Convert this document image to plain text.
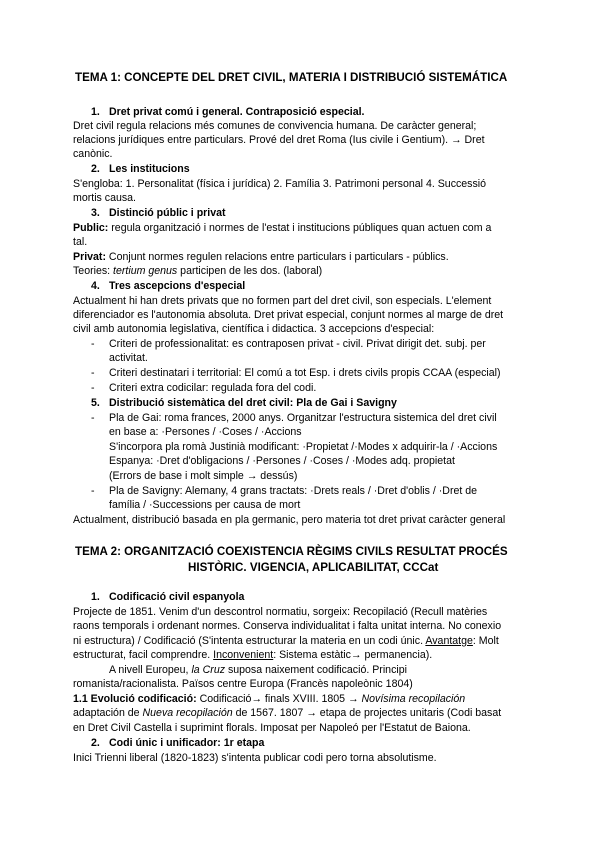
TEMA 1: CONCEPTE DEL DRET CIVIL, MATERIA I DISTRIBUCIÓ SISTEMÁTICA
1. Dret privat comú i general. Contraposició especial.
Dret civil regula relacions més comunes de convivencia humana. De caràcter general;
relacions jurídiques entre particulars. Prové del dret Roma (Ius civile i Gentium). → Dret
canònic.
2. Les institucions
S'engloba: 1. Personalitat (física i jurídica) 2. Família 3. Patrimoni personal 4. Successió
mortis causa.
3. Distinció públic i privat
Public: regula organització i normes de l'estat i institucions públiques quan actuen com a
tal.
Privat: Conjunt normes regulen relacions entre particulars i particulars - públics.
Teories: tertium genus participen de les dos. (laboral)
4. Tres ascepcions d'especial
Actualment hi han drets privats que no formen part del dret civil, son especials. L'element
diferenciador es l'autonomia absoluta. Dret privat especial, conjunt normes al marge de dret
civil amb autonomia legislativa, científica i didactica. 3 accepcions d'especial:
- Criteri de professionalitat: es contraposen privat - civil. Privat dirigit det. subj. per
activitat.
- Criteri destinatari i territorial: El comú a tot Esp. i drets civils propis CCAA (especial)
- Criteri extra codicilar: regulada fora del codi.
5. Distribució sistemàtica del dret civil: Pla de Gai i Savigny
- Pla de Gai: roma frances, 2000 anys. Organitzar l'estructura sistemica del dret civil
en base a: ·Persones / ·Coses / ·Accions
S'incorpora pla romà Justinià modificant: ·Propietat /·Modes x adquirir-la / ·Accions
Espanya: ·Dret d'obligacions / ·Persones / ·Coses / ·Modes adq. propietat
(Errors de base i molt simple → dessús)
- Pla de Savigny: Alemany, 4 grans tractats: ·Drets reals / ·Dret d'oblis / ·Dret de
família / ·Successions per causa de mort
Actualment, distribució basada en pla germanic, pero materia tot dret privat caràcter general
TEMA 2: ORGANITZACIÓ COEXISTENCIA RÈGIMS CIVILS RESULTAT PROCÉS
HISTÒRIC. VIGENCIA, APLICABILITAT, CCCat
1. Codificació civil espanyola
Projecte de 1851. Venim d'un descontrol normatiu, sorgeix: Recopilació (Recull matèries
raons temporals i ordenant normes. Conserva individualitat i falta unitat interna. No conexio
ni estructura) / Codificació (S'intenta estructurar la materia en un codi únic. Avantatge: Molt
estructurat, facil comprendre. Inconvenient: Sistema estàtic→ permanencia).
A nivell Europeu, la Cruz suposa naixement codificació. Principi
romanista/racionalista. Països centre Europa (Francès napoleònic 1804)
1.1 Evolució codificació: Codificació→ finals XVIII. 1805 → Novísima recopilación
adaptación de Nueva recopilación de 1567. 1807 → etapa de projectes unitaris (Codi basat
en Dret Civil Castella i suprimint florals. Imposat per Napoleó per l'Estatut de Baiona.
2. Codi únic i unificador: 1r etapa
Inici Trienni liberal (1820-1823) s'intenta publicar codi pero torna absolutisme.
